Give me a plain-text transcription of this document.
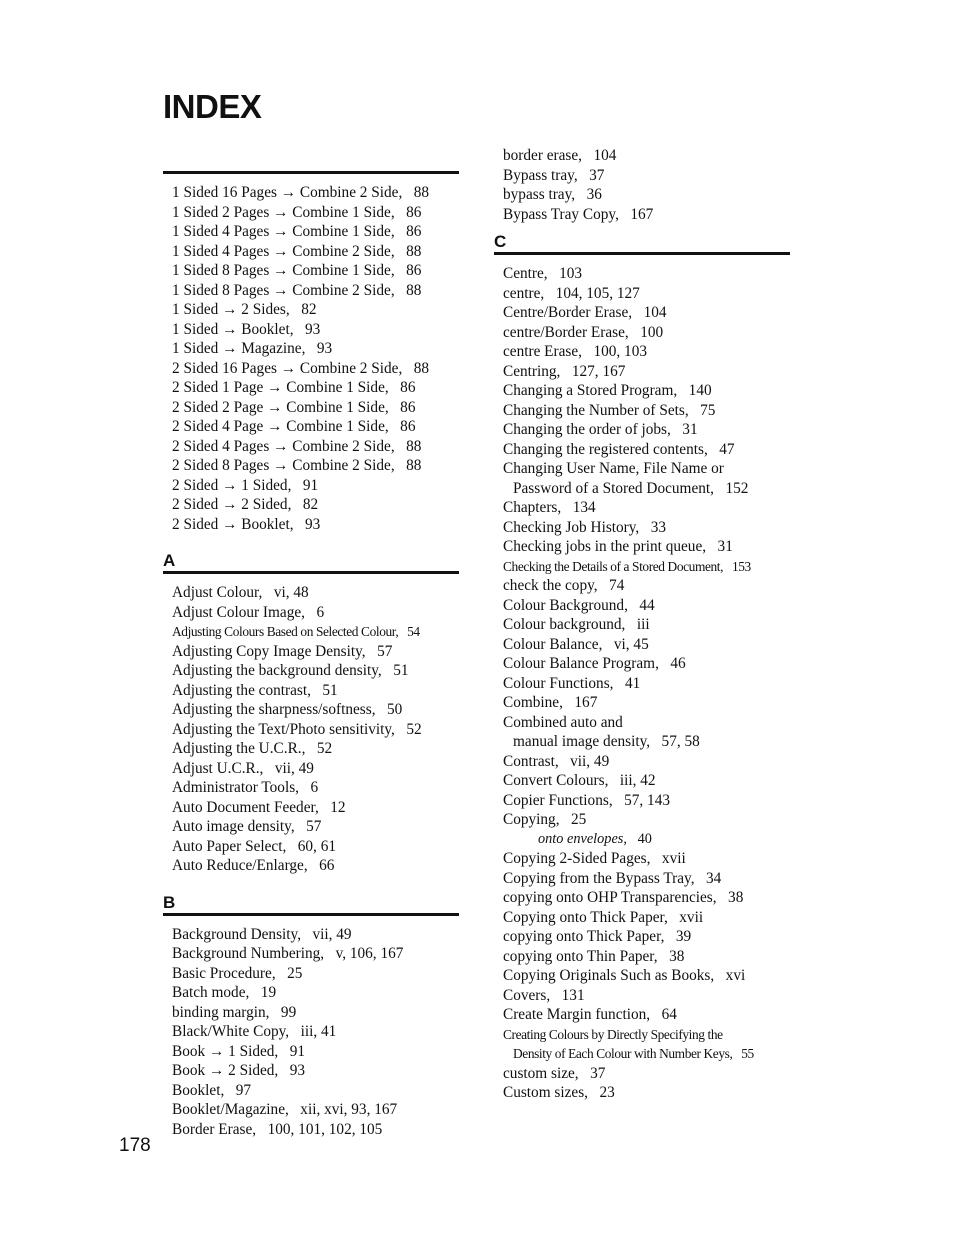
INDEX
1 Sided 16 Pages → Combine 2 Side ,   88
1 Sided 2 Pages → Combine 1 Side ,   86
1 Sided 4 Pages → Combine 1 Side ,   86
1 Sided 4 Pages → Combine 2 Side ,   88
1 Sided 8 Pages → Combine 1 Side ,   86
1 Sided 8 Pages → Combine 2 Side ,   88
1 Sided → 2 Sides ,   82
1 Sided → Booklet ,   93
1 Sided → Magazine ,   93
2 Sided 16 Pages → Combine 2 Side ,   88
2 Sided 1 Page → Combine 1 Side ,   86
2 Sided 2 Page → Combine 1 Side ,   86
2 Sided 4 Page → Combine 1 Side ,   86
2 Sided 4 Pages → Combine 2 Side ,   88
2 Sided 8 Pages → Combine 2 Side ,   88
2 Sided → 1 Sided ,   91
2 Sided → 2 Sided ,   82
2 Sided → Booklet ,   93
A
Adjust Colour ,   vi, 48
Adjust Colour Image ,   6
Adjusting Colours Based on Selected Colour ,   54
Adjusting Copy Image Density ,   57
Adjusting the background density ,   51
Adjusting the contrast ,   51
Adjusting the sharpness/softness ,   50
Adjusting the Text/Photo sensitivity ,   52
Adjusting the U.C.R. ,   52
Adjust U.C.R. ,   vii, 49
Administrator Tools ,   6
Auto Document Feeder ,   12
Auto image density ,   57
Auto Paper Select ,   60, 61
Auto Reduce/Enlarge ,   66
B
Background Density ,   vii, 49
Background Numbering ,   v, 106, 167
Basic Procedure ,   25
Batch mode ,   19
binding margin ,   99
Black/White Copy ,   iii, 41
Book → 1 Sided ,   91
Book → 2 Sided ,   93
Booklet ,   97
Booklet/Magazine ,   xii, xvi, 93, 167
Border Erase ,   100, 101, 102, 105
border erase ,   104
Bypass tray ,   37
bypass tray ,   36
Bypass Tray Copy ,   167
C
Centre ,   103
centre ,   104, 105, 127
Centre/Border Erase ,   104
centre/Border Erase ,   100
centre Erase ,   100, 103
Centring ,   127, 167
Changing a Stored Program ,   140
Changing the Number of Sets ,   75
Changing the order of jobs ,   31
Changing the registered contents ,   47
Changing User Name, File Name or
Password of a Stored Document ,   152
Chapters ,   134
Checking Job History ,   33
Checking jobs in the print queue ,   31
Checking the Details of a Stored Document ,   153
check the copy ,   74
Colour Background ,   44
Colour background ,   iii
Colour Balance ,   vi, 45
Colour Balance Program ,   46
Colour Functions ,   41
Combine ,   167
Combined auto and
manual image density ,   57, 58
Contrast ,   vii, 49
Convert Colours ,   iii, 42
Copier Functions ,   57, 143
Copying ,   25
onto envelopes ,   40
Copying 2-Sided Pages ,   xvii
Copying from the Bypass Tray ,   34
copying onto OHP Transparencies ,   38
Copying onto Thick Paper ,   xvii
copying onto Thick Paper ,   39
copying onto Thin Paper ,   38
Copying Originals Such as Books ,   xvi
Covers ,   131
Create Margin function ,   64
Creating Colours by Directly Specifying the
Density of Each Colour with Number Keys ,   55
custom size ,   37
Custom sizes ,   23
178
